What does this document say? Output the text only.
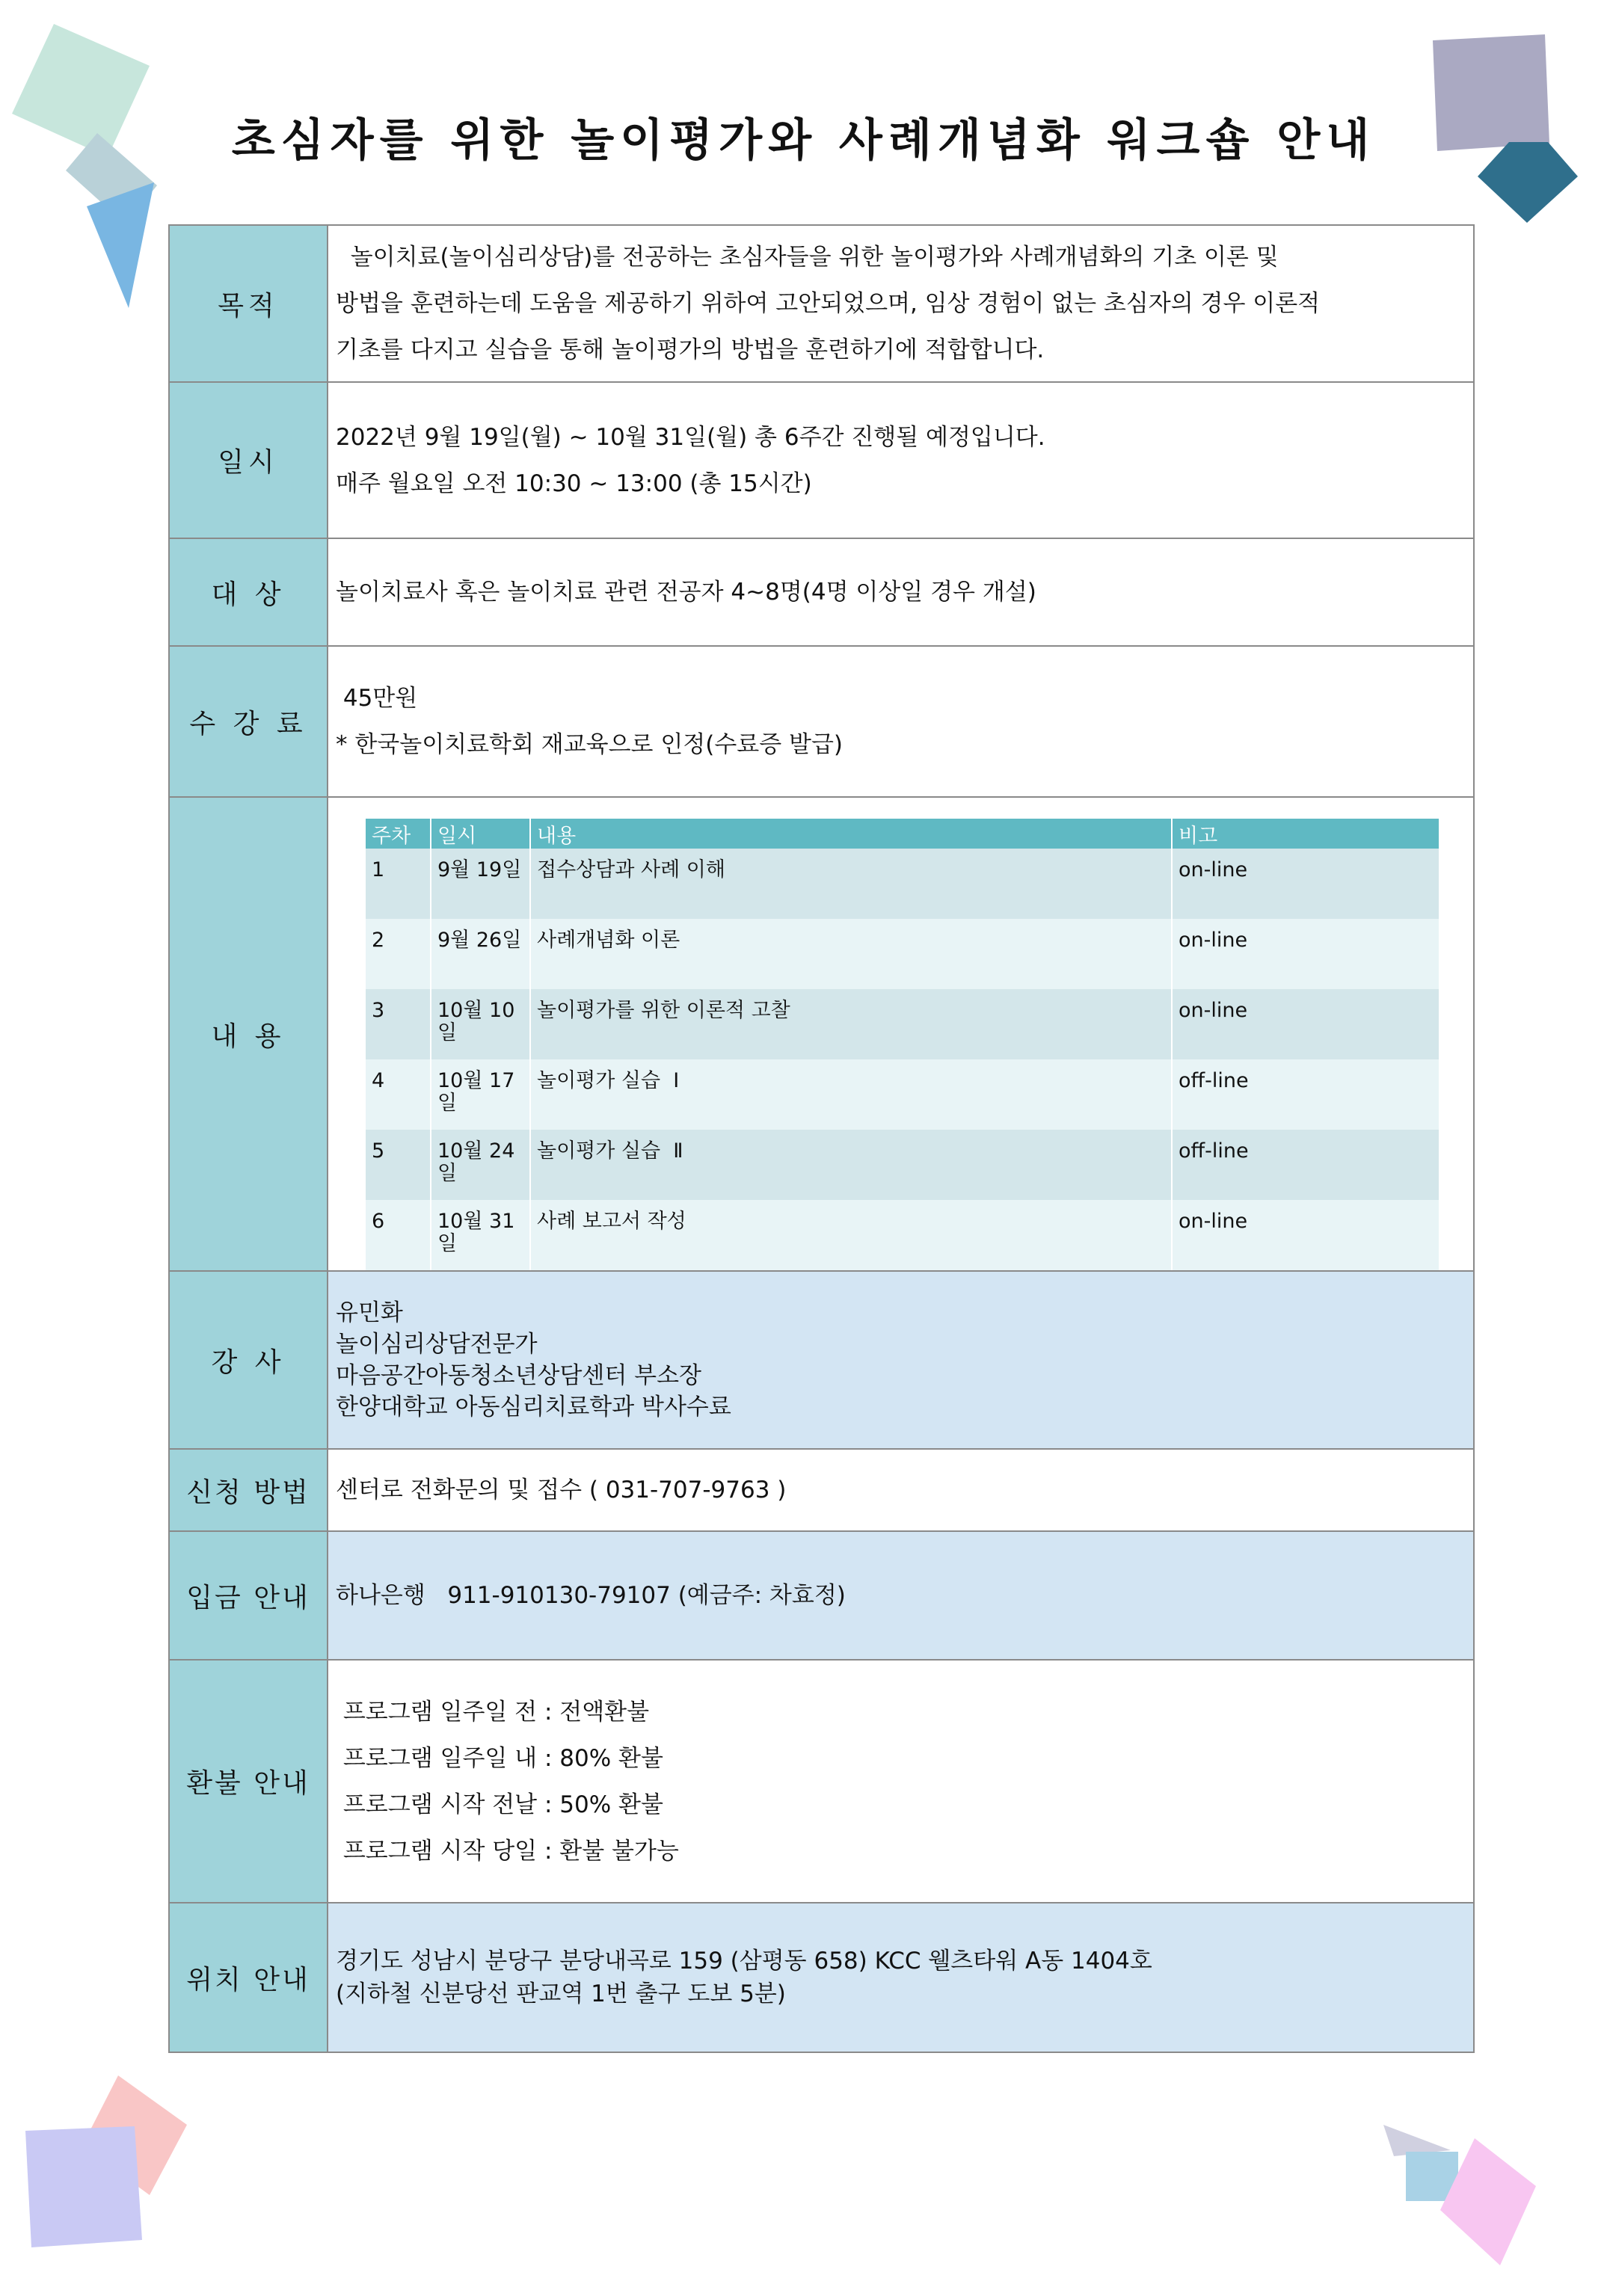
초심자를 위한 놀이평가와 사례개념화 워크숍 안내
목적	
놀이치료(놀이심리상담)를 전공하는 초심자들을 위한 놀이평가와 사례개념화의 기초 이론 및
방법을 훈련하는데 도움을 제공하기 위하여 고안되었으며, 임상 경험이 없는 초심자의 경우 이론적
기초를 다지고 실습을 통해 놀이평가의 방법을 훈련하기에 적합합니다.

일시	
2022년 9월 19일(월) ~ 10월 31일(월) 총 6주간 진행될 예정입니다.
매주 월요일 오전 10:30 ~ 13:00 (총 15시간)

대 상	놀이치료사 혹은 놀이치료 관련 전공자 4~8명(4명 이상일 경우 개설)

수 강 료	
45만원
* 한국놀이치료학회 재교육으로 인정(수료증 발급)

내 용	
주차	일시	내용	비고
1	9월 19일	접수상담과 사례 이해	on-line
2	9월 26일	사례개념화 이론	on-line
3	10월 10일	놀이평가를 위한 이론적 고찰	on-line
4	10월 17일	놀이평가 실습  Ⅰ	off-line
5	10월 24일	놀이평가 실습  Ⅱ	off-line
6	10월 31일	사례 보고서 작성	on-line

강 사	
유민화
놀이심리상담전문가
마음공간아동청소년상담센터 부소장
한양대학교 아동심리치료학과 박사수료

신청 방법	센터로 전화문의 및 접수 ( 031-707-9763 )

입금 안내	하나은행   911-910130-79107 (예금주: 차효정)

환불 안내	
프로그램 일주일 전 : 전액환불
프로그램 일주일 내 : 80% 환불
프로그램 시작 전날 : 50% 환불
프로그램 시작 당일 : 환불 불가능

위치 안내	
경기도 성남시 분당구 분당내곡로 159 (삼평동 658) KCC 웰츠타워 A동 1404호
(지하철 신분당선 판교역 1번 출구 도보 5분)
